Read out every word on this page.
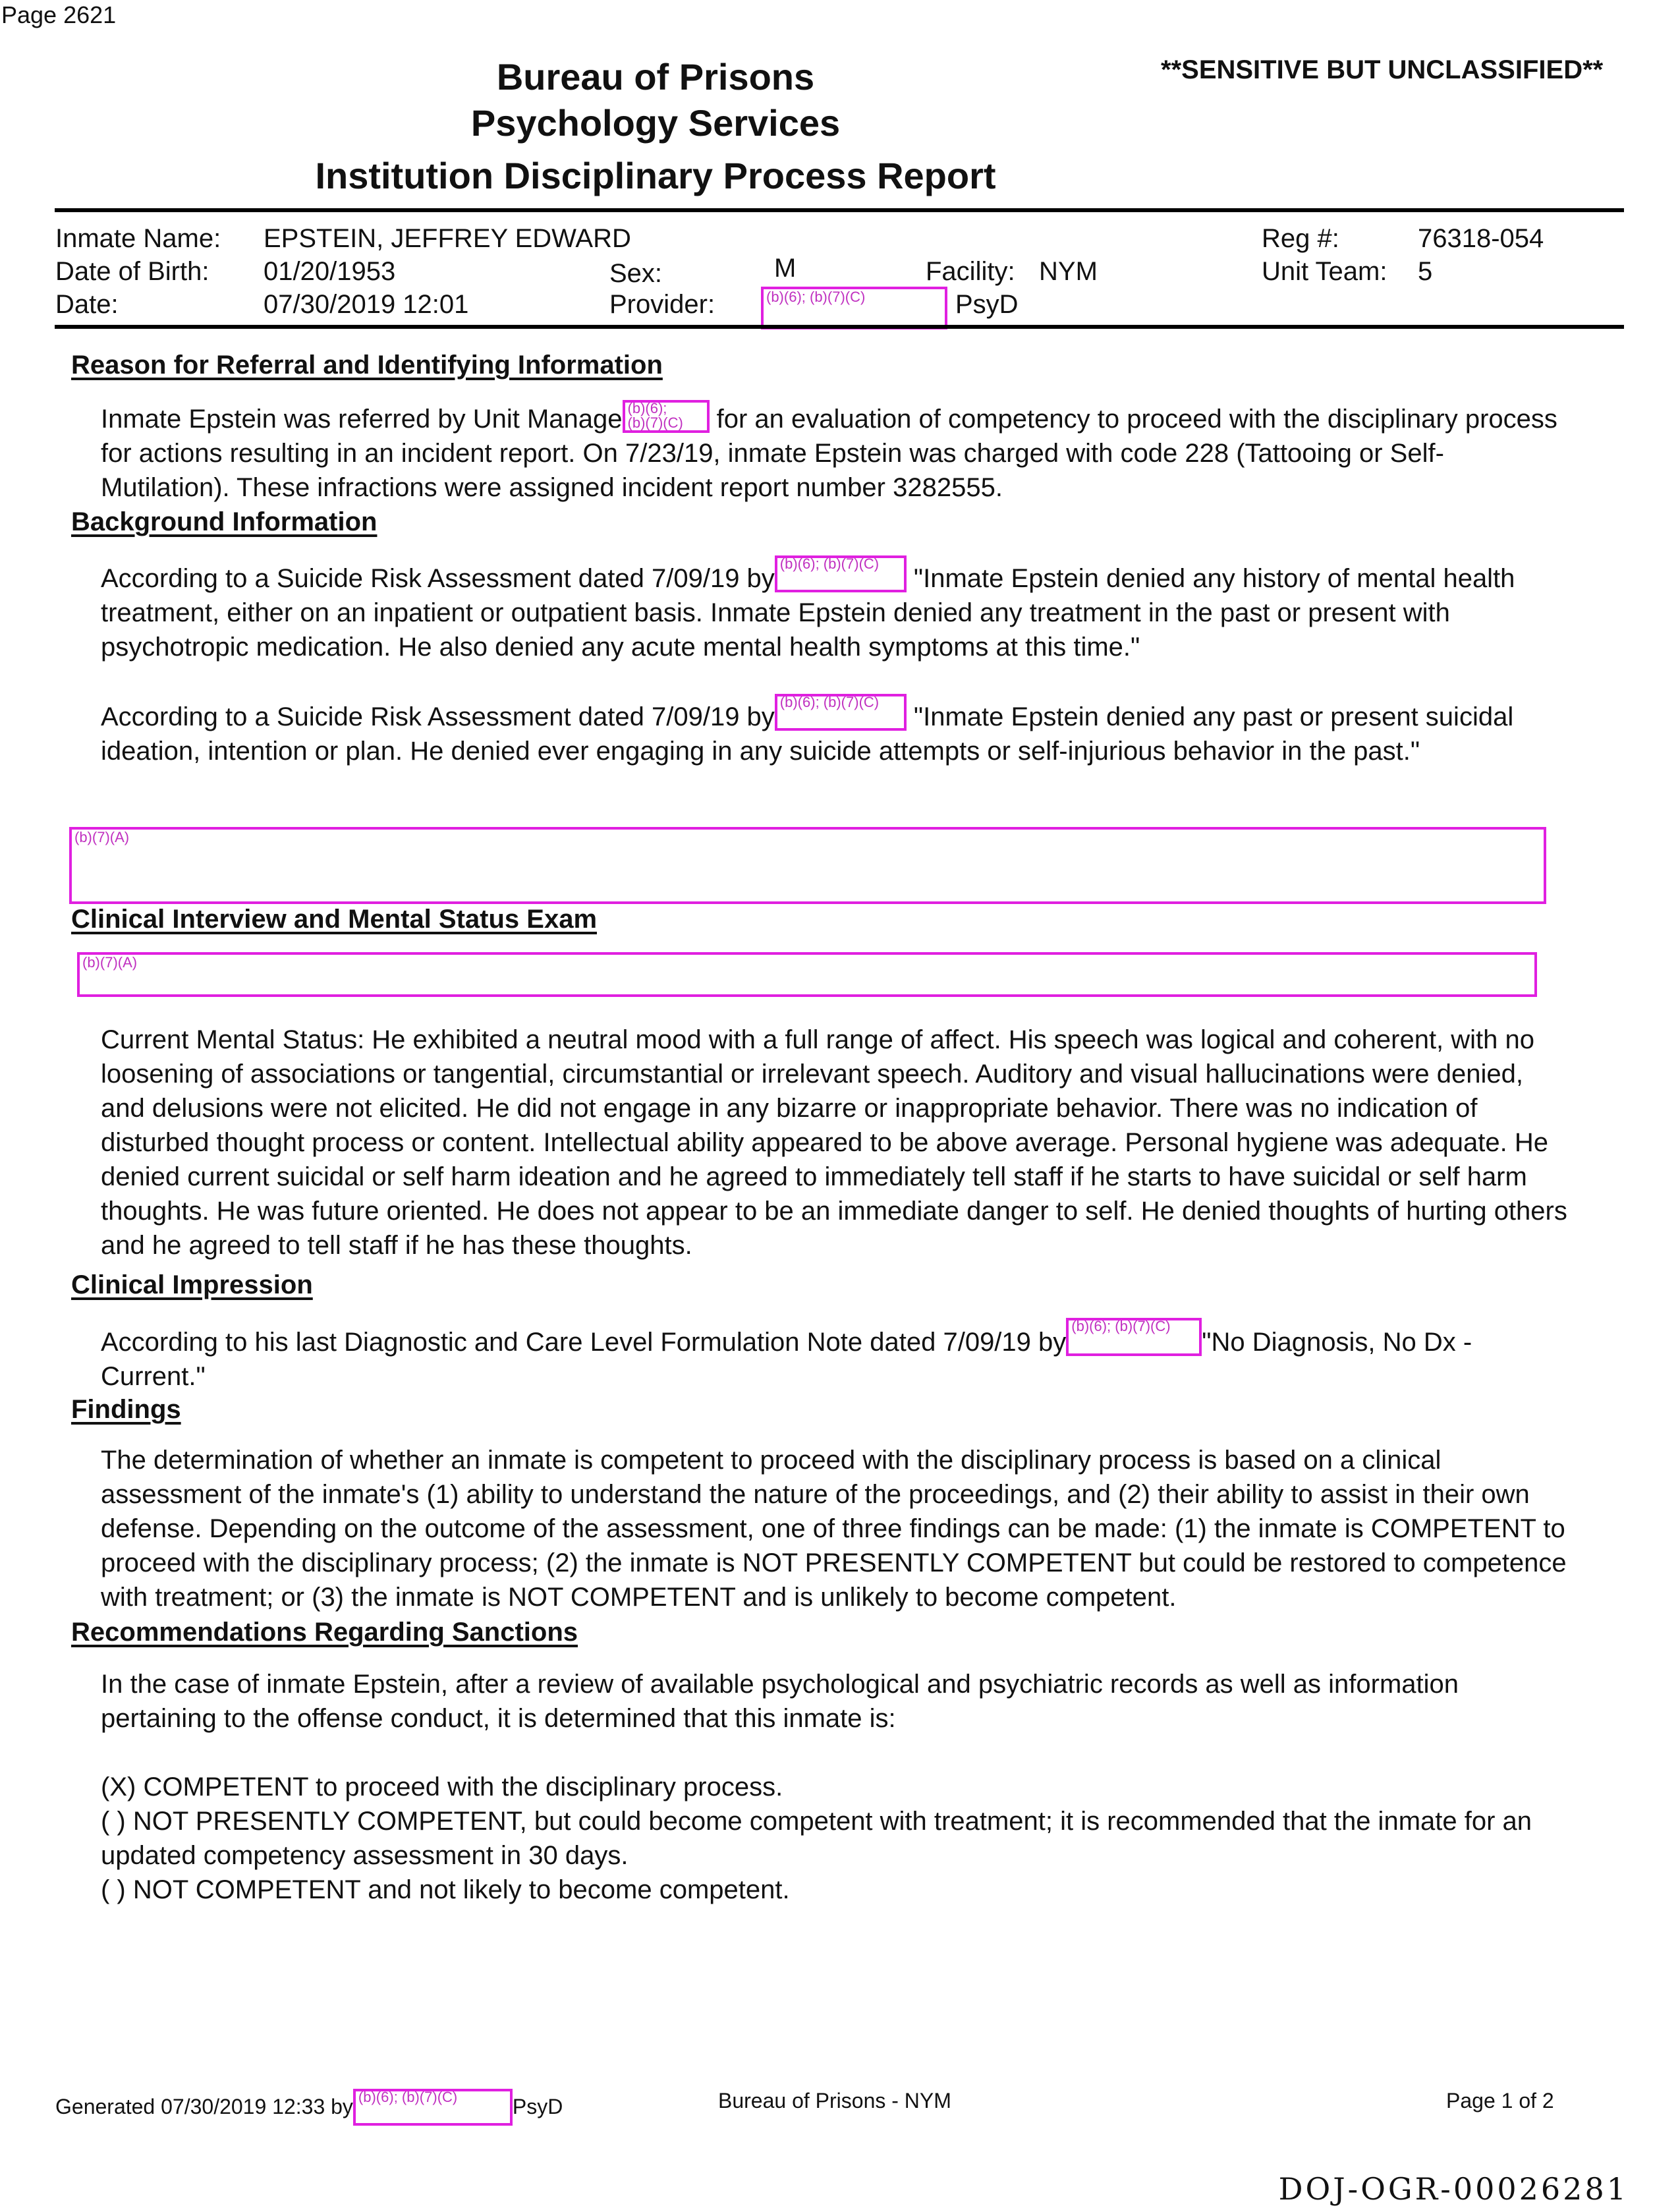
Page 2621
Bureau of Prisons
Psychology Services
Institution Disciplinary Process Report
**SENSITIVE BUT UNCLASSIFIED**
Inmate Name: EPSTEIN, JEFFREY EDWARD
Date of Birth: 01/20/1953
Date:	07/30/2019 12:01
Sex:	M
Provider:	(b)(6); (b)(7)(C)	PsyD
Facility: NYM
Reg #:	76318-054
Unit Team: 5
Reason for Referral and Identifying Information
Inmate Epstein was referred by Unit Manage (b)(6);
(b)(7)(C) for an evaluation of competency to proceed with the disciplinary process for actions resulting in an incident report. On 7/23/19, inmate Epstein was charged with code 228 (Tattooing or Self-Mutilation). These infractions were assigned incident report number 3282555.
Background Information
According to a Suicide Risk Assessment dated 7/09/19 by
(b)(6); (b)(7)(C)
"Inmate Epstein denied any history of mental health treatment, either on an inpatient or outpatient basis. Inmate Epstein denied any treatment in the past or present with psychotropic medication. He also denied any acute mental health symptoms at this time."
According to a Suicide Risk Assessment dated 7/09/19 by
(b)(6); (b)(7)(C)
"Inmate Epstein denied any past or present suicidal ideation, intention or plan. He denied ever engaging in any suicide attempts or self-injurious behavior in the past."
(b)(7)(A)
Clinical Interview and Mental Status Exam
(b)(7)(A)
Current Mental Status: He exhibited a neutral mood with a full range of affect. His speech was logical and coherent, with no loosening of associations or tangential, circumstantial or irrelevant speech. Auditory and visual hallucinations were denied, and delusions were not elicited. He did not engage in any bizarre or inappropriate behavior. There was no indication of disturbed thought process or content. Intellectual ability appeared to be above average. Personal hygiene was adequate. He denied current suicidal or self harm ideation and he agreed to immediately tell staff if he starts to have suicidal or self harm thoughts. He was future oriented. He does not appear to be an immediate danger to self. He denied thoughts of hurting others and he agreed to tell staff if he has these thoughts.
Clinical Impression
According to his last Diagnostic and Care Level Formulation Note dated 7/09/19 by
(b)(6); (b)(7)(C)
"No Diagnosis, No Dx - Current."
Findings
The determination of whether an inmate is competent to proceed with the disciplinary process is based on a clinical assessment of the inmate's (1) ability to understand the nature of the proceedings, and (2) their ability to assist in their own defense. Depending on the outcome of the assessment, one of three findings can be made: (1) the inmate is COMPETENT to proceed with the disciplinary process; (2) the inmate is NOT PRESENTLY COMPETENT but could be restored to competence with treatment; or (3) the inmate is NOT COMPETENT and is unlikely to become competent.
Recommendations Regarding Sanctions
In the case of inmate Epstein, after a review of available psychological and psychiatric records as well as information pertaining to the offense conduct, it is determined that this inmate is:
(X) COMPETENT to proceed with the disciplinary process.
( ) NOT PRESENTLY COMPETENT, but could become competent with treatment; it is recommended that the inmate for an updated competency assessment in 30 days.
( ) NOT COMPETENT and not likely to become competent.
Generated 07/30/2019 12:33 by (b)(6); (b)(7)(C)	PsyD	Bureau of Prisons - NYM	Page 1 of 2
DOJ-OGR-00026281
